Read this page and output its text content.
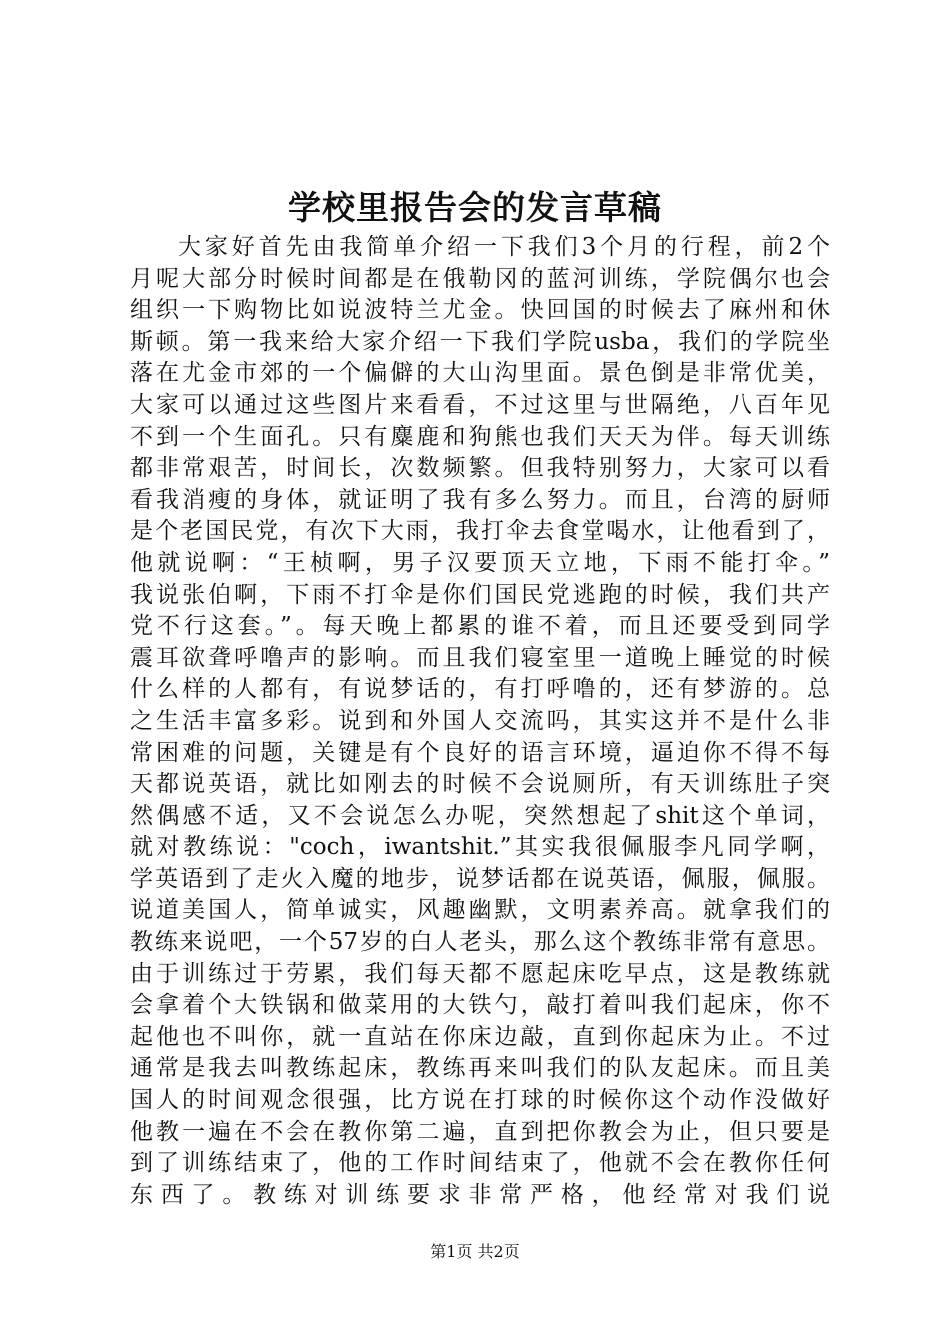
学校里报告会的发言草稿
大家好首先由我简单介绍一下我们3个月的行程，前2个
月呢大部分时候时间都是在俄勒冈的蓝河训练，学院偶尔也会
组织一下购物比如说波特兰尤金。快回国的时候去了麻州和休
斯顿。第一我来给大家介绍一下我们学院usba，我们的学院坐
落在尤金市郊的一个偏僻的大山沟里面。景色倒是非常优美，
大家可以通过这些图片来看看，不过这里与世隔绝，八百年见
不到一个生面孔。只有麋鹿和狗熊也我们天天为伴。每天训练
都非常艰苦，时间长，次数频繁。但我特别努力，大家可以看
看我消瘦的身体，就证明了我有多么努力。而且，台湾的厨师
是个老国民党，有次下大雨，我打伞去食堂喝水，让他看到了，
他就说啊：“王桢啊，男子汉要顶天立地，下雨不能打伞。”
我说张伯啊，下雨不打伞是你们国民党逃跑的时候，我们共产
党不行这套。”。每天晚上都累的谁不着，而且还要受到同学
震耳欲聋呼噜声的影响。而且我们寝室里一道晚上睡觉的时候
什么样的人都有，有说梦话的，有打呼噜的，还有梦游的。总
之生活丰富多彩。说到和外国人交流吗，其实这并不是什么非
常困难的问题，关键是有个良好的语言环境，逼迫你不得不每
天都说英语，就比如刚去的时候不会说厕所，有天训练肚子突
然偶感不适，又不会说怎么办呢，突然想起了shit这个单词，
就对教练说："coch，iwantshit.”其实我很佩服李凡同学啊，
学英语到了走火入魔的地步，说梦话都在说英语，佩服，佩服。
说道美国人，简单诚实，风趣幽默，文明素养高。就拿我们的
教练来说吧，一个57岁的白人老头，那么这个教练非常有意思。
由于训练过于劳累，我们每天都不愿起床吃早点，这是教练就
会拿着个大铁锅和做菜用的大铁勺，敲打着叫我们起床，你不
起他也不叫你，就一直站在你床边敲，直到你起床为止。不过
通常是我去叫教练起床，教练再来叫我们的队友起床。而且美
国人的时间观念很强，比方说在打球的时候你这个动作没做好
他教一遍在不会在教你第二遍，直到把你教会为止，但只要是
到了训练结束了，他的工作时间结束了，他就不会在教你任何
东西了。教练对训练要求非常严格，他经常对我们说
第1页 共2页
